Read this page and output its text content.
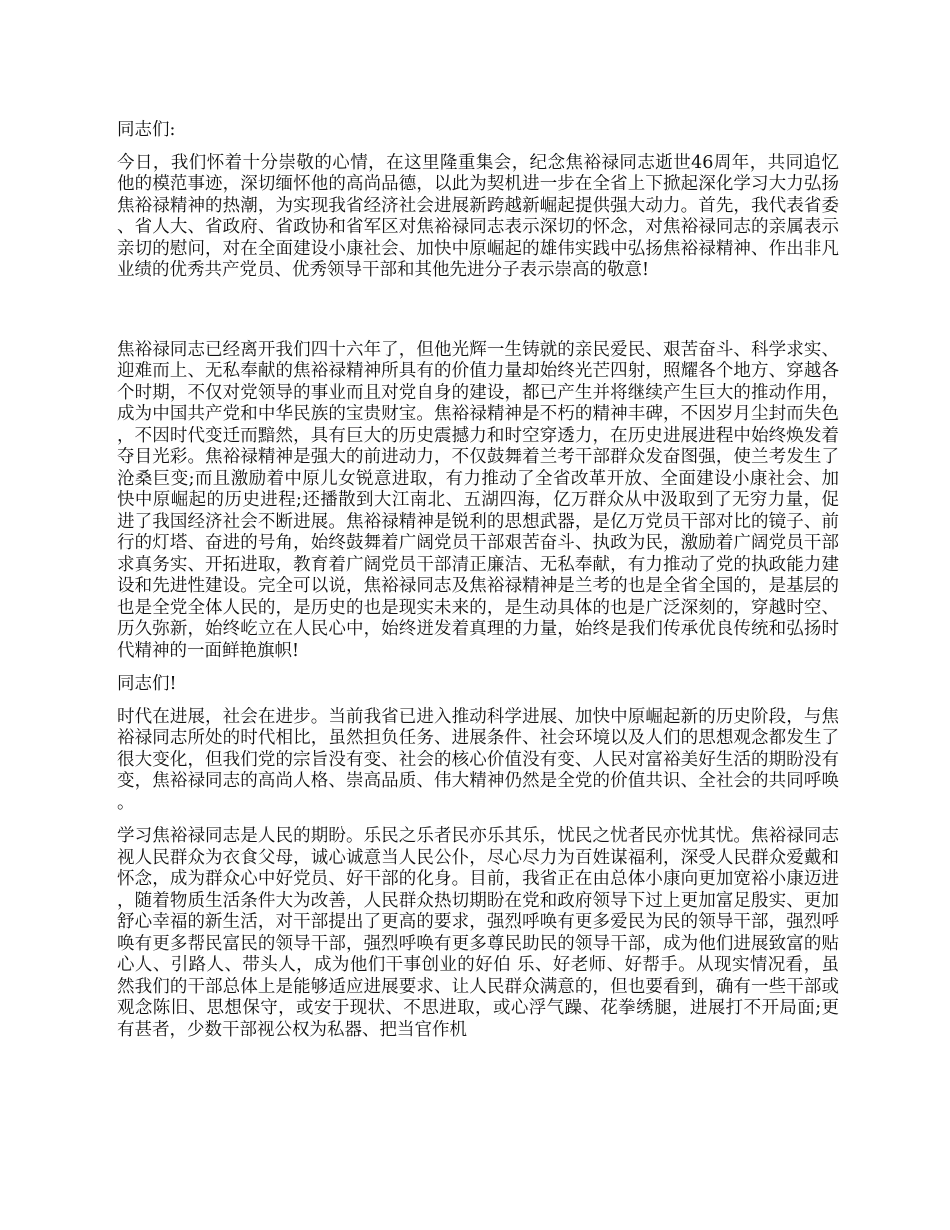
同志们:

今日，我们怀着十分崇敬的心情，在这里隆重集会，纪念焦裕禄同志逝世46周年，共同追忆他的模范事迹，深切缅怀他的高尚品德，以此为契机进一步在全省上下掀起深化学习大力弘扬焦裕禄精神的热潮，为实现我省经济社会进展新跨越新崛起提供强大动力。首先，我代表省委、省人大、省政府、省政协和省军区对焦裕禄同志表示深切的怀念，对焦裕禄同志的亲属表示亲切的慰问，对在全面建设小康社会、加快中原崛起的雄伟实践中弘扬焦裕禄精神、作出非凡业绩的优秀共产党员、优秀领导干部和其他先进分子表示崇高的敬意!

焦裕禄同志已经离开我们四十六年了，但他光辉一生铸就的亲民爱民、艰苦奋斗、科学求实、迎难而上、无私奉献的焦裕禄精神所具有的价值力量却始终光芒四射，照耀各个地方、穿越各个时期，不仅对党领导的事业而且对党自身的建设，都已产生并将继续产生巨大的推动作用，成为中国共产党和中华民族的宝贵财宝。焦裕禄精神是不朽的精神丰碑，不因岁月尘封而失色，不因时代变迁而黯然，具有巨大的历史震撼力和时空穿透力，在历史进展进程中始终焕发着夺目光彩。焦裕禄精神是强大的前进动力，不仅鼓舞着兰考干部群众发奋图强，使兰考发生了沧桑巨变;而且激励着中原儿女锐意进取，有力推动了全省改革开放、全面建设小康社会、加快中原崛起的历史进程;还播散到大江南北、五湖四海，亿万群众从中汲取到了无穷力量，促进了我国经济社会不断进展。焦裕禄精神是锐利的思想武器，是亿万党员干部对比的镜子、前行的灯塔、奋进的号角，始终鼓舞着广阔党员干部艰苦奋斗、执政为民，激励着广阔党员干部求真务实、开拓进取，教育着广阔党员干部清正廉洁、无私奉献，有力推动了党的执政能力建设和先进性建设。完全可以说，焦裕禄同志及焦裕禄精神是兰考的也是全省全国的，是基层的也是全党全体人民的，是历史的也是现实未来的，是生动具体的也是广泛深刻的，穿越时空、历久弥新，始终屹立在人民心中，始终迸发着真理的力量，始终是我们传承优良传统和弘扬时代精神的一面鲜艳旗帜!

同志们!

时代在进展，社会在进步。当前我省已进入推动科学进展、加快中原崛起新的历史阶段，与焦裕禄同志所处的时代相比，虽然担负任务、进展条件、社会环境以及人们的思想观念都发生了很大变化，但我们党的宗旨没有变、社会的核心价值没有变、人民对富裕美好生活的期盼没有变，焦裕禄同志的高尚人格、崇高品质、伟大精神仍然是全党的价值共识、全社会的共同呼唤。

学习焦裕禄同志是人民的期盼。乐民之乐者民亦乐其乐，忧民之忧者民亦忧其忧。焦裕禄同志视人民群众为衣食父母，诚心诚意当人民公仆，尽心尽力为百姓谋福利，深受人民群众爱戴和怀念，成为群众心中好党员、好干部的化身。目前，我省正在由总体小康向更加宽裕小康迈进，随着物质生活条件大为改善，人民群众热切期盼在党和政府领导下过上更加富足殷实、更加舒心幸福的新生活，对干部提出了更高的要求，强烈呼唤有更多爱民为民的领导干部，强烈呼唤有更多帮民富民的领导干部，强烈呼唤有更多尊民助民的领导干部，成为他们进展致富的贴心人、引路人、带头人，成为他们干事创业的好伯 乐、好老师、好帮手。从现实情况看，虽然我们的干部总体上是能够适应进展要求、让人民群众满意的，但也要看到，确有一些干部或观念陈旧、思想保守，或安于现状、不思进取，或心浮气躁、花拳绣腿，进展打不开局面;更有甚者，少数干部视公权为私器、把当官作机
